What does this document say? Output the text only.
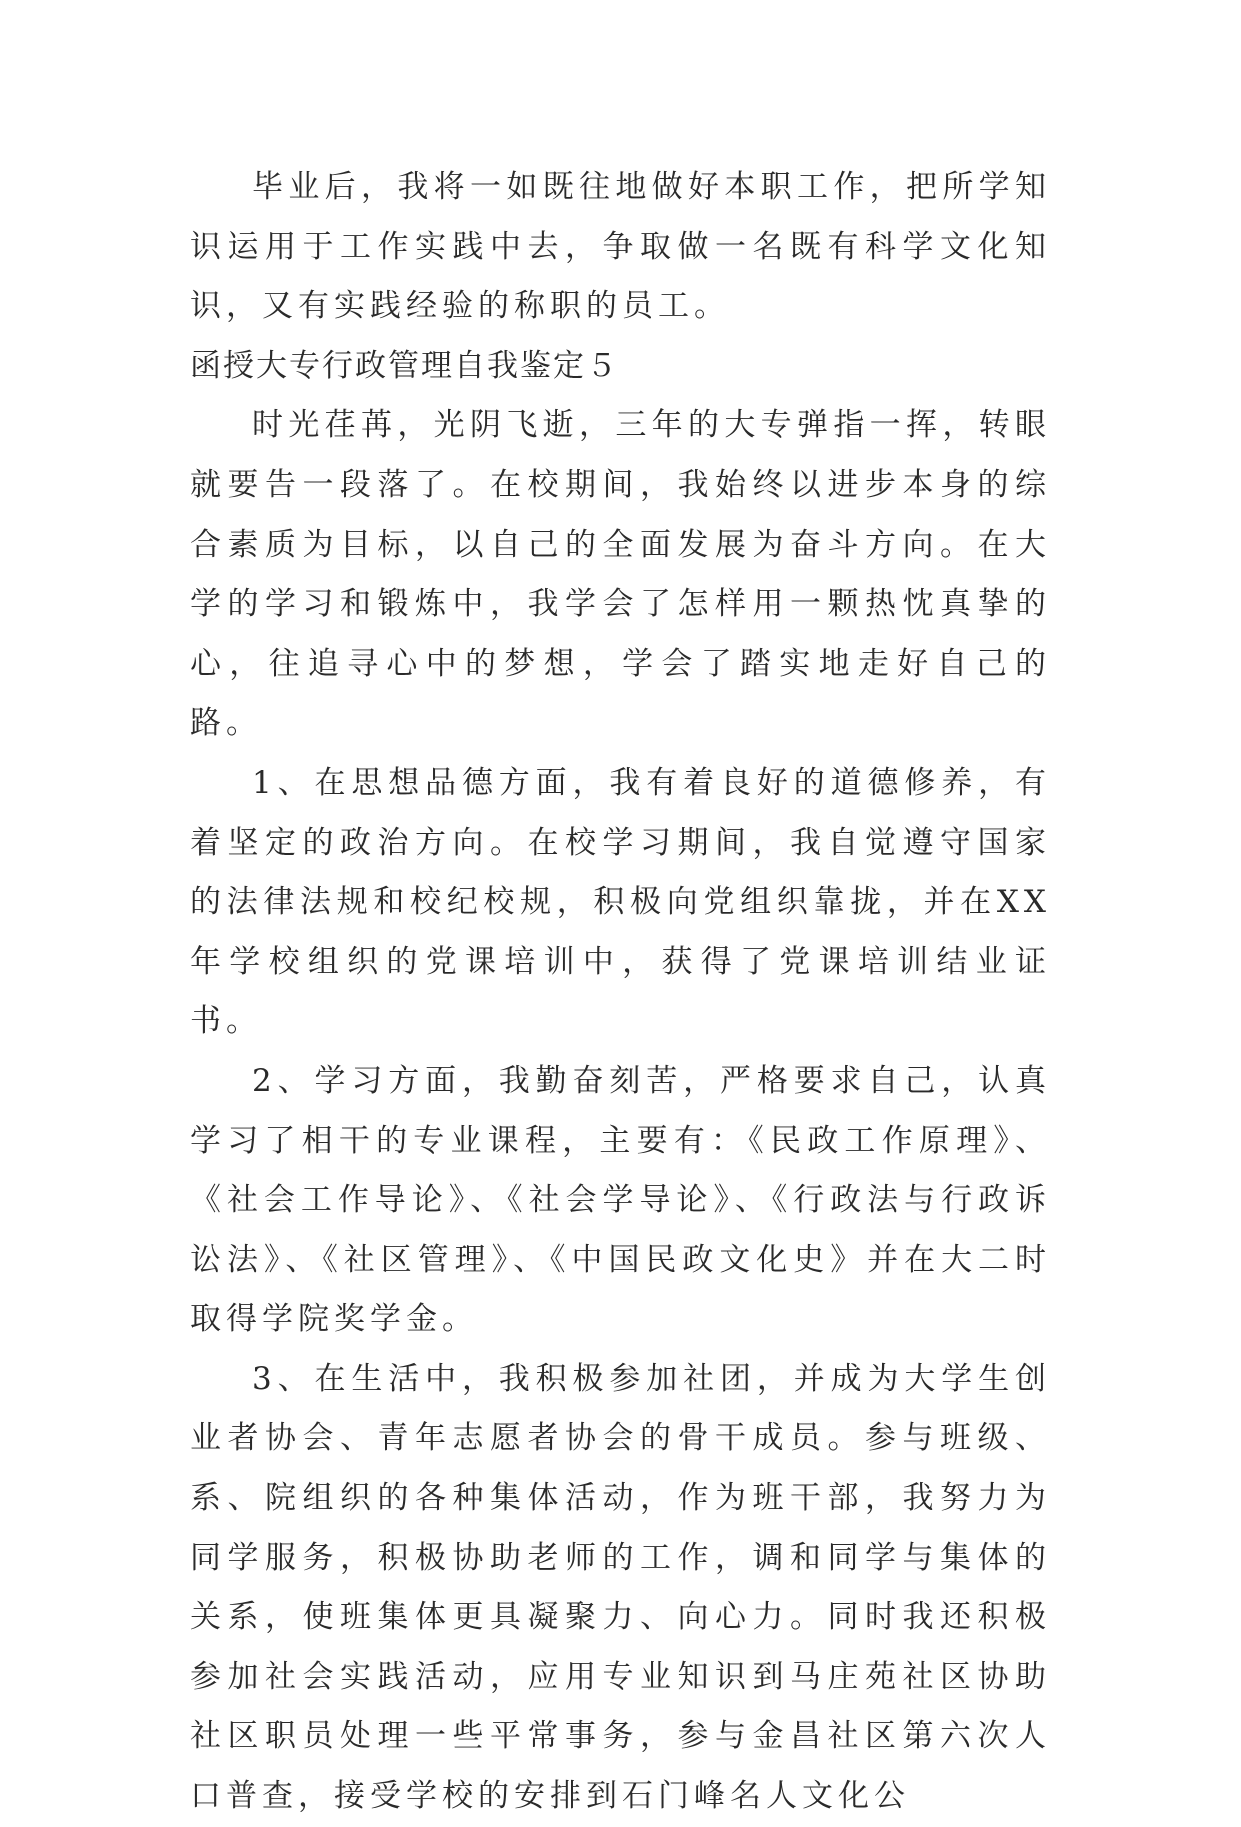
毕业后，我将一如既往地做好本职工作，把所学知识运用于工作实践中去，争取做一名既有科学文化知识，又有实践经验的称职的员工。

函授大专行政管理自我鉴定５

时光荏苒，光阴飞逝，三年的大专弹指一挥，转眼就要告一段落了。在校期间，我始终以进步本身的综合素质为目标，以自己的全面发展为奋斗方向。在大学的学习和锻炼中，我学会了怎样用一颗热忱真挚的心，往追寻心中的梦想，学会了踏实地走好自己的路。

1、在思想品德方面，我有着良好的道德修养，有着坚定的政治方向。在校学习期间，我自觉遵守国家的法律法规和校纪校规，积极向党组织靠拢，并在XX年学校组织的党课培训中，获得了党课培训结业证书。

2、学习方面，我勤奋刻苦，严格要求自己，认真学习了相干的专业课程，主要有：《民政工作原理》、《社会工作导论》、《社会学导论》、《行政法与行政诉讼法》、《社区管理》、《中国民政文化史》并在大二时取得学院奖学金。

3、在生活中，我积极参加社团，并成为大学生创业者协会、青年志愿者协会的骨干成员。参与班级、系、院组织的各种集体活动，作为班干部，我努力为同学服务，积极协助老师的工作，调和同学与集体的关系，使班集体更具凝聚力、向心力。同时我还积极参加社会实践活动，应用专业知识到马庄苑社区协助社区职员处理一些平常事务，参与金昌社区第六次人口普查，接受学校的安排到石门峰名人文化公
